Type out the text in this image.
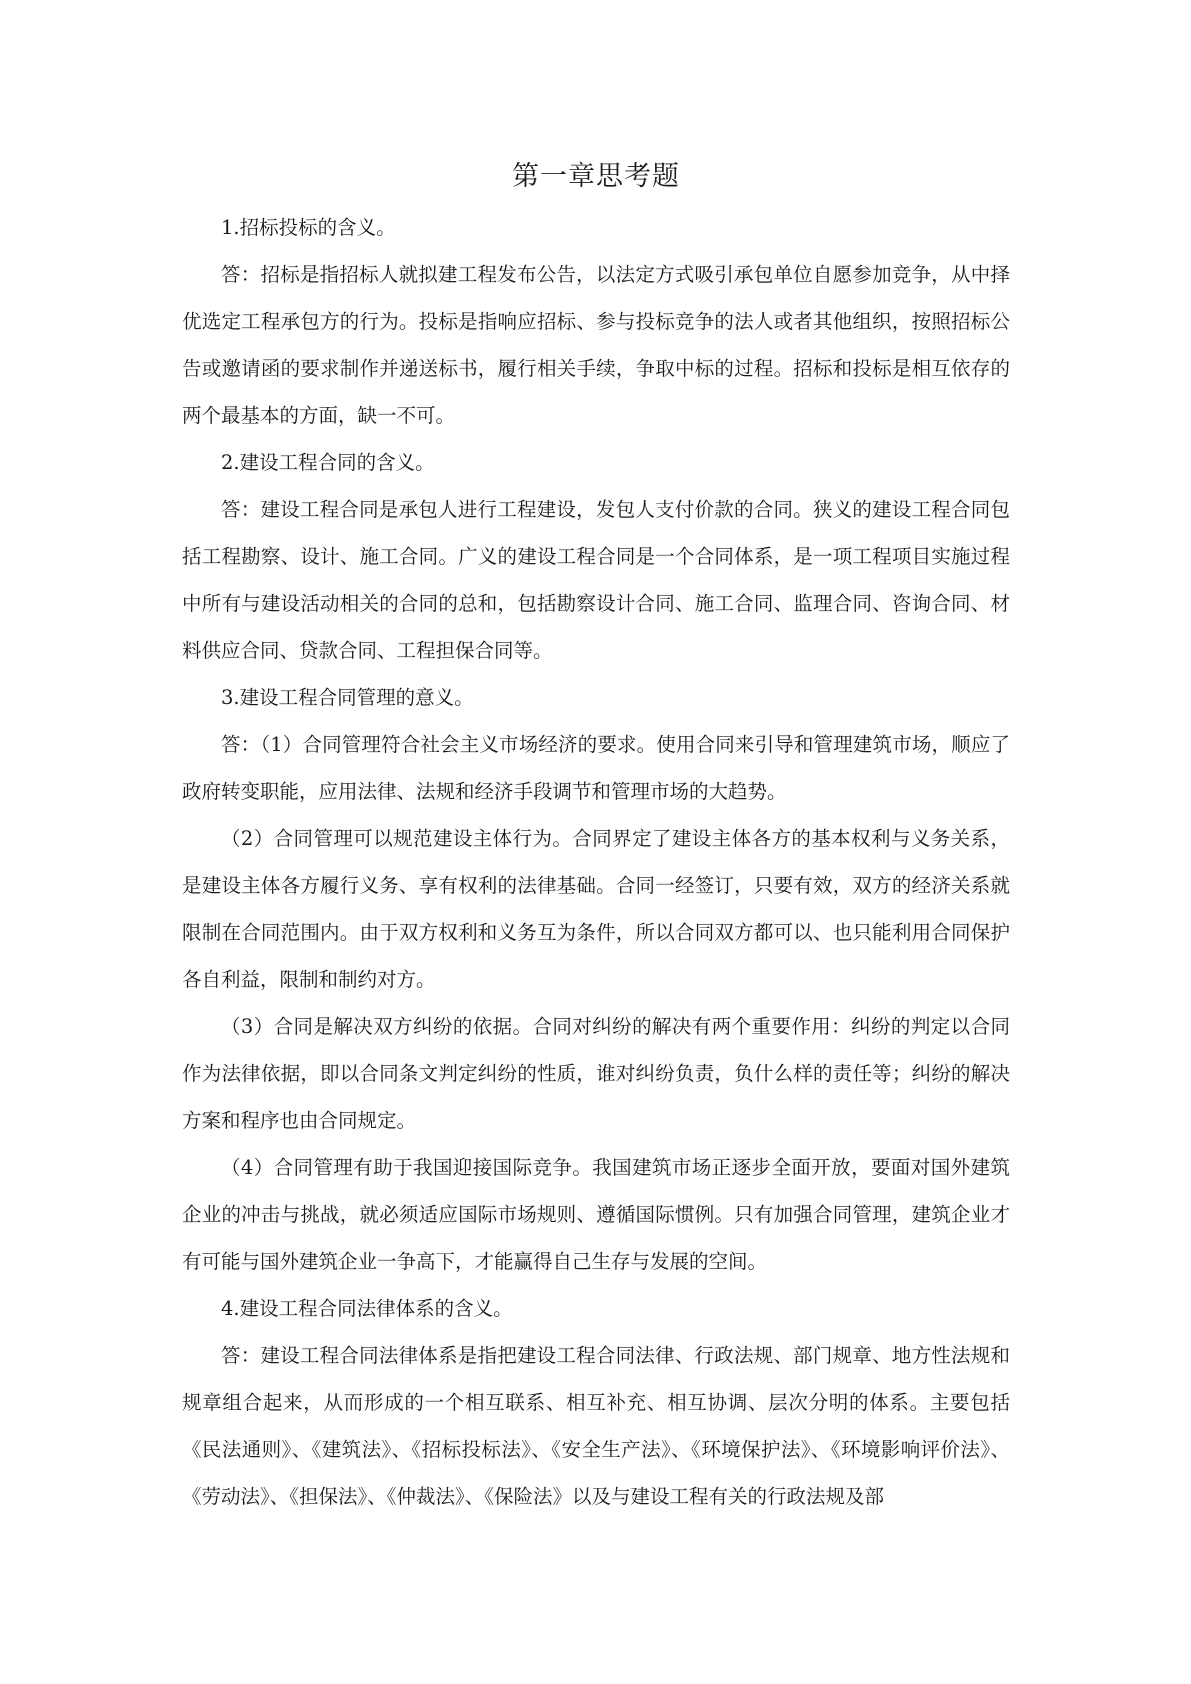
第一章思考题

1.招标投标的含义。

答：招标是指招标人就拟建工程发布公告，以法定方式吸引承包单位自愿参加竞争，从中择优选定工程承包方的行为。投标是指响应招标、参与投标竞争的法人或者其他组织，按照招标公告或邀请函的要求制作并递送标书，履行相关手续，争取中标的过程。招标和投标是相互依存的两个最基本的方面，缺一不可。

2.建设工程合同的含义。

答：建设工程合同是承包人进行工程建设，发包人支付价款的合同。狭义的建设工程合同包括工程勘察、设计、施工合同。广义的建设工程合同是一个合同体系，是一项工程项目实施过程中所有与建设活动相关的合同的总和，包括勘察设计合同、施工合同、监理合同、咨询合同、材料供应合同、贷款合同、工程担保合同等。

3.建设工程合同管理的意义。

答：（1）合同管理符合社会主义市场经济的要求。使用合同来引导和管理建筑市场，顺应了政府转变职能，应用法律、法规和经济手段调节和管理市场的大趋势。

（2）合同管理可以规范建设主体行为。合同界定了建设主体各方的基本权利与义务关系，是建设主体各方履行义务、享有权利的法律基础。合同一经签订，只要有效，双方的经济关系就限制在合同范围内。由于双方权利和义务互为条件，所以合同双方都可以、也只能利用合同保护各自利益，限制和制约对方。

（3）合同是解决双方纠纷的依据。合同对纠纷的解决有两个重要作用：纠纷的判定以合同作为法律依据，即以合同条文判定纠纷的性质，谁对纠纷负责，负什么样的责任等；纠纷的解决方案和程序也由合同规定。

（4）合同管理有助于我国迎接国际竞争。我国建筑市场正逐步全面开放，要面对国外建筑企业的冲击与挑战，就必须适应国际市场规则、遵循国际惯例。只有加强合同管理，建筑企业才有可能与国外建筑企业一争高下，才能赢得自己生存与发展的空间。

4.建设工程合同法律体系的含义。

答：建设工程合同法律体系是指把建设工程合同法律、行政法规、部门规章、地方性法规和规章组合起来，从而形成的一个相互联系、相互补充、相互协调、层次分明的体系。主要包括《民法通则》、《建筑法》、《招标投标法》、《安全生产法》、《环境保护法》、《环境影响评价法》、《劳动法》、《担保法》、《仲裁法》、《保险法》以及与建设工程有关的行政法规及部
